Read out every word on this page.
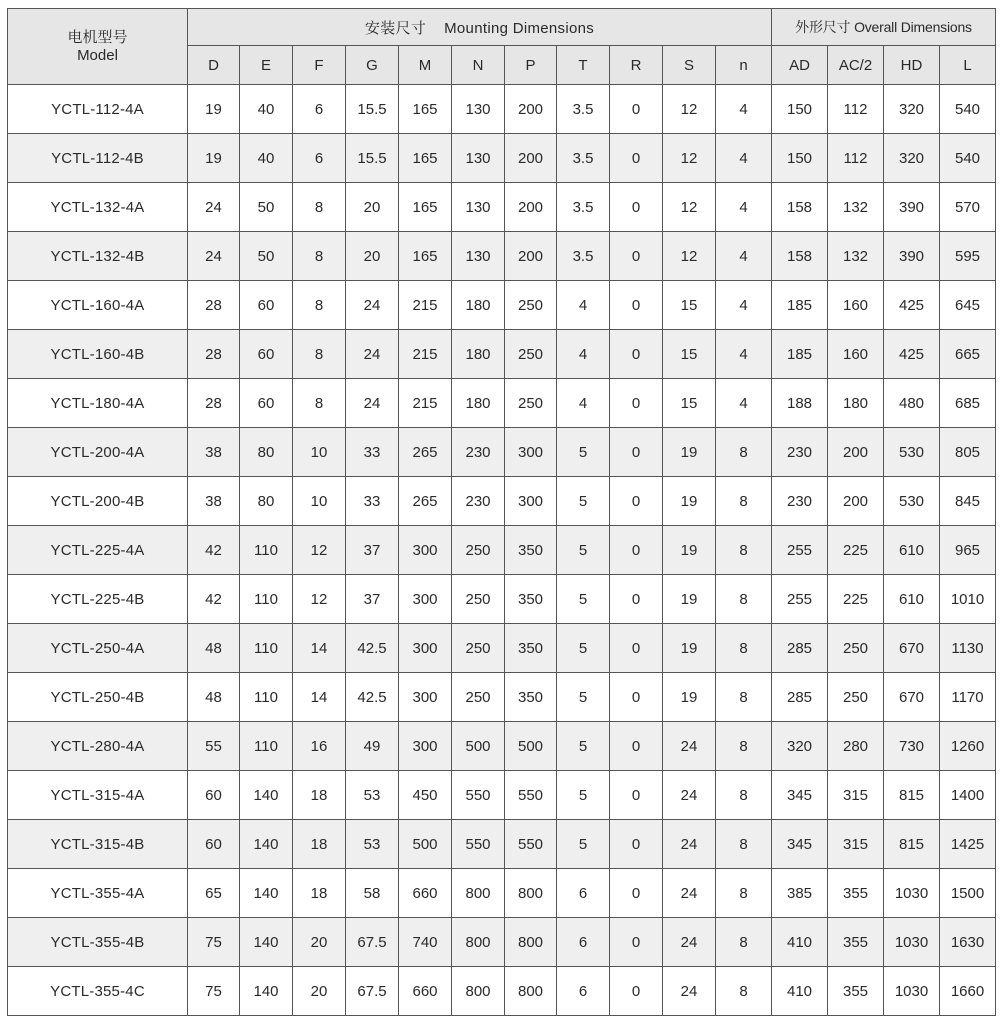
电机型号
Model	安装尺寸 Mounting Dimensions											外形尺寸 Overall Dimensions			
	D	E	F	G	M	N	P	T	R	S	n	AD	AC/2	HD	L
YCTL-112-4A	19	40	6	15.5	165	130	200	3.5	0	12	4	150	112	320	540
YCTL-112-4B	19	40	6	15.5	165	130	200	3.5	0	12	4	150	112	320	540
YCTL-132-4A	24	50	8	20	165	130	200	3.5	0	12	4	158	132	390	570
YCTL-132-4B	24	50	8	20	165	130	200	3.5	0	12	4	158	132	390	595
YCTL-160-4A	28	60	8	24	215	180	250	4	0	15	4	185	160	425	645
YCTL-160-4B	28	60	8	24	215	180	250	4	0	15	4	185	160	425	665
YCTL-180-4A	28	60	8	24	215	180	250	4	0	15	4	188	180	480	685
YCTL-200-4A	38	80	10	33	265	230	300	5	0	19	8	230	200	530	805
YCTL-200-4B	38	80	10	33	265	230	300	5	0	19	8	230	200	530	845
YCTL-225-4A	42	110	12	37	300	250	350	5	0	19	8	255	225	610	965
YCTL-225-4B	42	110	12	37	300	250	350	5	0	19	8	255	225	610	1010
YCTL-250-4A	48	110	14	42.5	300	250	350	5	0	19	8	285	250	670	1130
YCTL-250-4B	48	110	14	42.5	300	250	350	5	0	19	8	285	250	670	1170
YCTL-280-4A	55	110	16	49	300	500	500	5	0	24	8	320	280	730	1260
YCTL-315-4A	60	140	18	53	450	550	550	5	0	24	8	345	315	815	1400
YCTL-315-4B	60	140	18	53	500	550	550	5	0	24	8	345	315	815	1425
YCTL-355-4A	65	140	18	58	660	800	800	6	0	24	8	385	355	1030	1500
YCTL-355-4B	75	140	20	67.5	740	800	800	6	0	24	8	410	355	1030	1630
YCTL-355-4C	75	140	20	67.5	660	800	800	6	0	24	8	410	355	1030	1660
